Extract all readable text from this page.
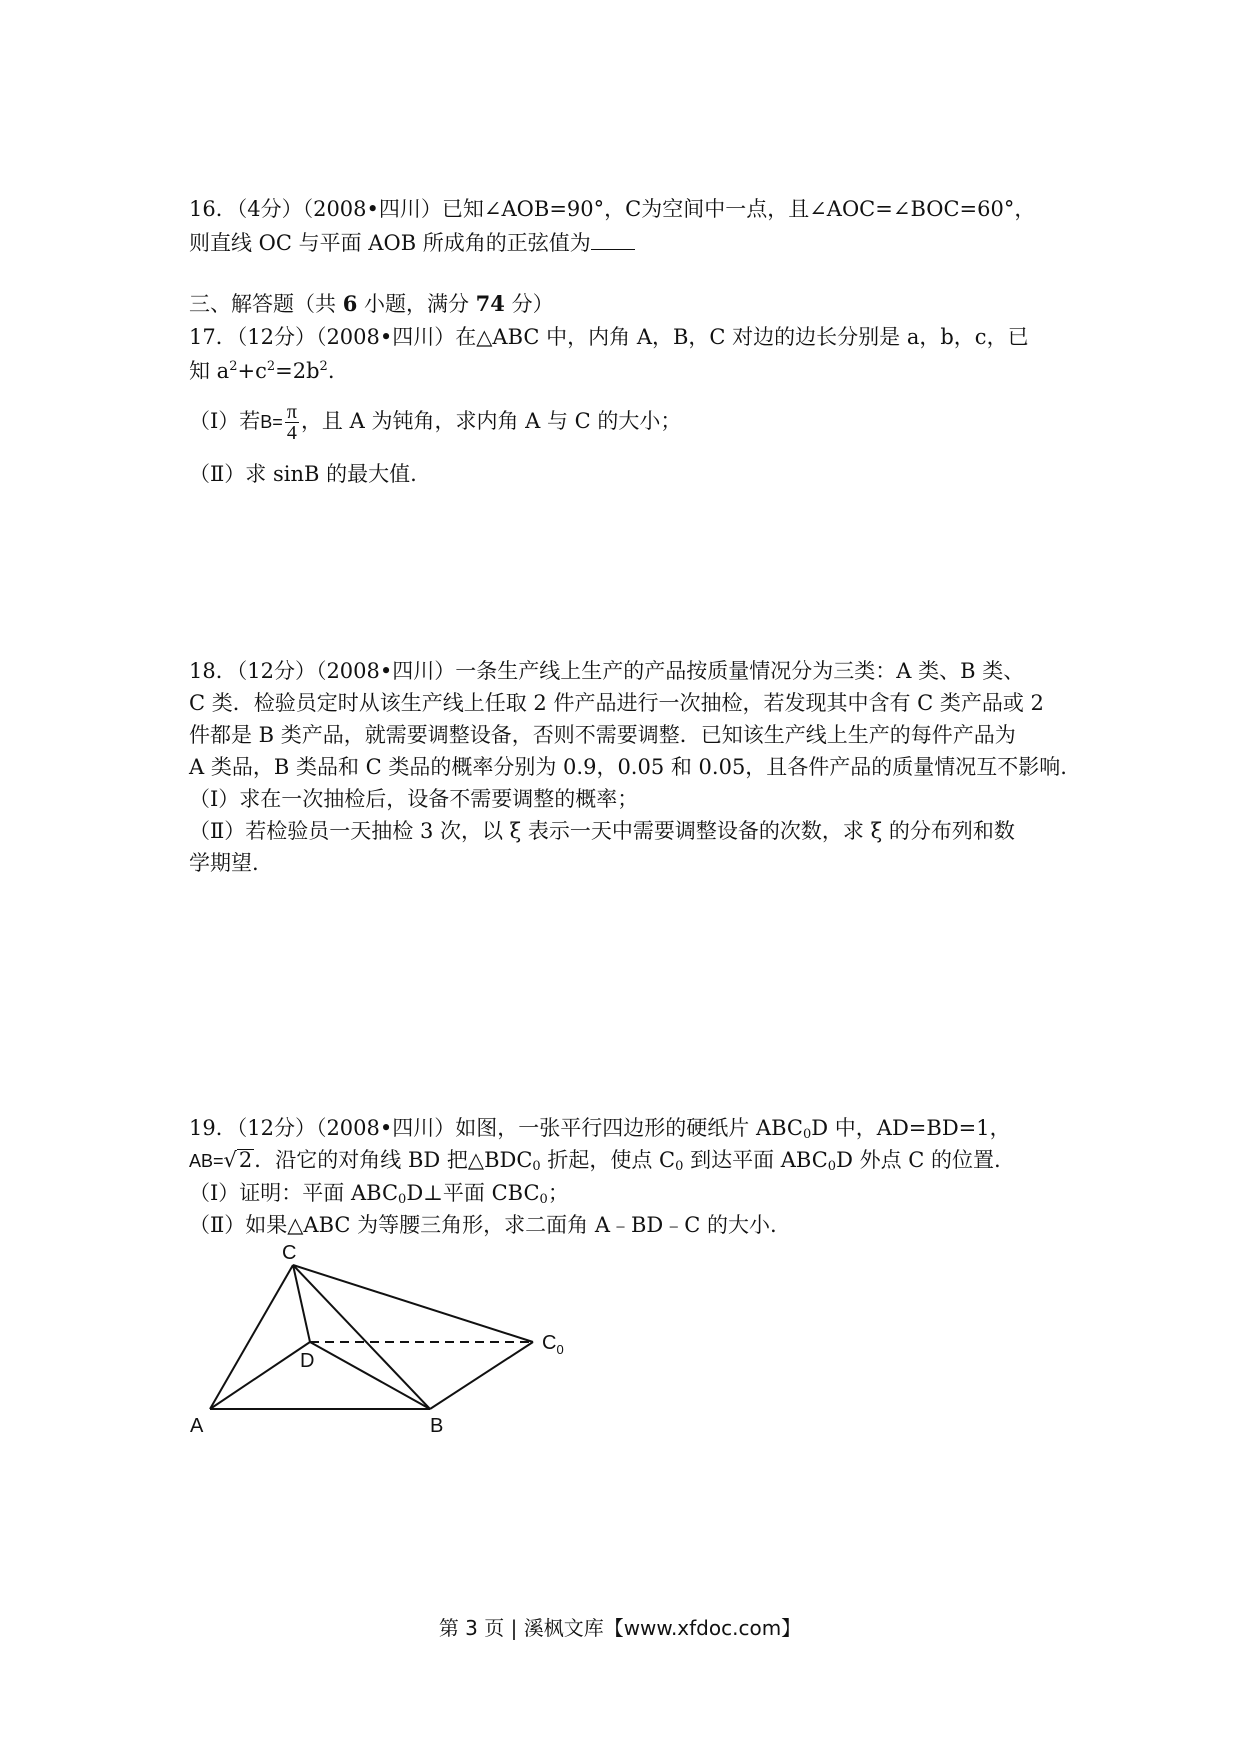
16．（4分）（2008•四川）已知∠AOB=90°，C为空间中一点，且∠AOC=∠BOC=60°，
则直线 OC 与平面 AOB 所成角的正弦值为
三、解答题（共 6 小题，满分 74 分）
17．（12分）（2008•四川）在△ABC 中，内角 A，B，C 对边的边长分别是 a，b，c，已
知 $a^2+c^2=2b^2$.
（Ⅰ）若$B= \frac{\pi}{4}$ ，且 A 为钝角，求内角 A 与 C 的大小；
（Ⅱ）求 sinB 的最大值.
18．（12分）（2008•四川）一条生产线上生产的产品按质量情况分为三类：A 类、B 类、
C 类．检验员定时从该生产线上任取 2 件产品进行一次抽检，若发现其中含有 C 类产品或 2
件都是 B 类产品，就需要调整设备，否则不需要调整．已知该生产线上生产的每件产品为
A 类品，B 类品和 C 类品的概率分别为 0.9，0.05 和 0.05，且各件产品的质量情况互不影响.
（Ⅰ）求在一次抽检后，设备不需要调整的概率；
（Ⅱ）若检验员一天抽检 3 次，以 ξ 表示一天中需要调整设备的次数，求 ξ 的分布列和数
学期望.
19．（12分）（2008•四川）如图，一张平行四边形的硬纸片 $ABC_0D$ 中，AD=BD=1，
AB=√2．沿它的对角线 BD 把$\triangle BDC_0$ 折起，使点 $C_0$ 到达平面 $ABC_0D$ 外点 C 的位置.
（Ⅰ）证明：平面 $ABC_0D\perp$平面 $CBC_0$；
（Ⅱ）如果△ABC 为等腰三角形，求二面角 A﹣BD﹣C 的大小.
C
D
A	B
$C_0$
第 3 页 | 溪枫文库【www.xfdoc.com】
